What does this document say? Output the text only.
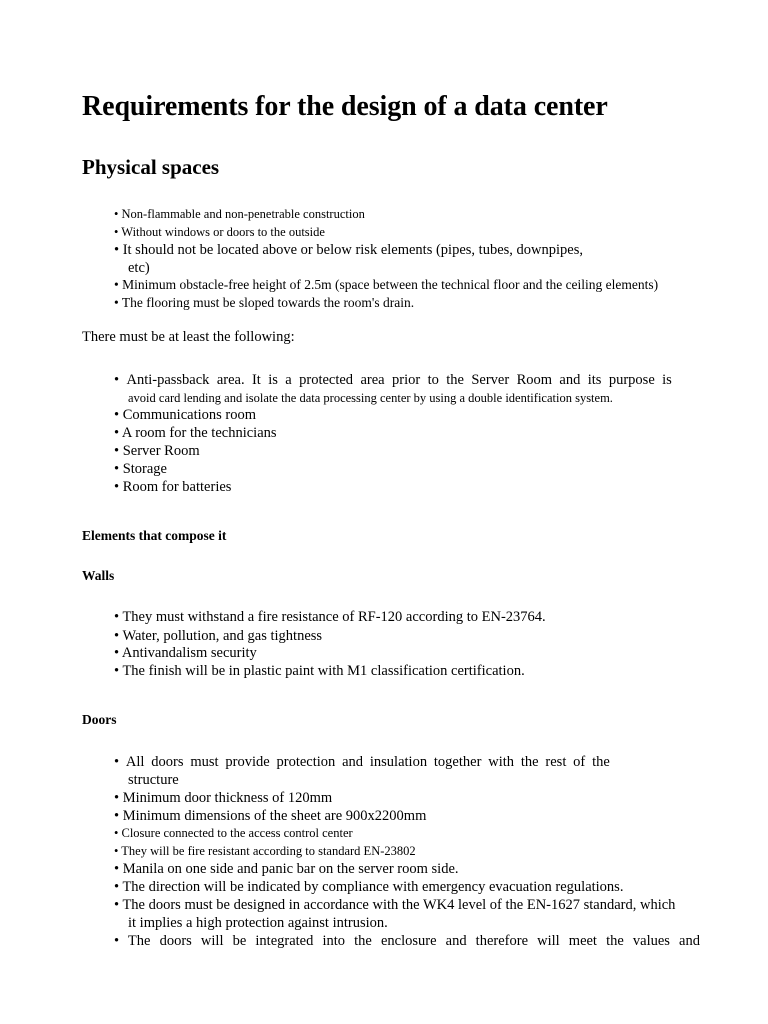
Requirements for the design of a data center
Physical spaces
• Non-flammable and non-penetrable construction
• Without windows or doors to the outside
• It should not be located above or below risk elements (pipes, tubes, downpipes,
etc)
• Minimum obstacle-free height of 2.5m (space between the technical floor and the ceiling elements)
• The flooring must be sloped towards the room's drain.
There must be at least the following:
• Anti-passback area. It is a protected area prior to the Server Room and its purpose is
avoid card lending and isolate the data processing center by using a double identification system.
• Communications room
• A room for the technicians
• Server Room
• Storage
• Room for batteries
Elements that compose it
Walls
• They must withstand a fire resistance of RF-120 according to EN-23764.
• Water, pollution, and gas tightness
• Antivandalism security
• The finish will be in plastic paint with M1 classification certification.
Doors
• All doors must provide protection and insulation together with the rest of the
structure
• Minimum door thickness of 120mm
• Minimum dimensions of the sheet are 900x2200mm
• Closure connected to the access control center
• They will be fire resistant according to standard EN-23802
• Manila on one side and panic bar on the server room side.
• The direction will be indicated by compliance with emergency evacuation regulations.
• The doors must be designed in accordance with the WK4 level of the EN-1627 standard, which
it implies a high protection against intrusion.
• The doors will be integrated into the enclosure and therefore will meet the values and
